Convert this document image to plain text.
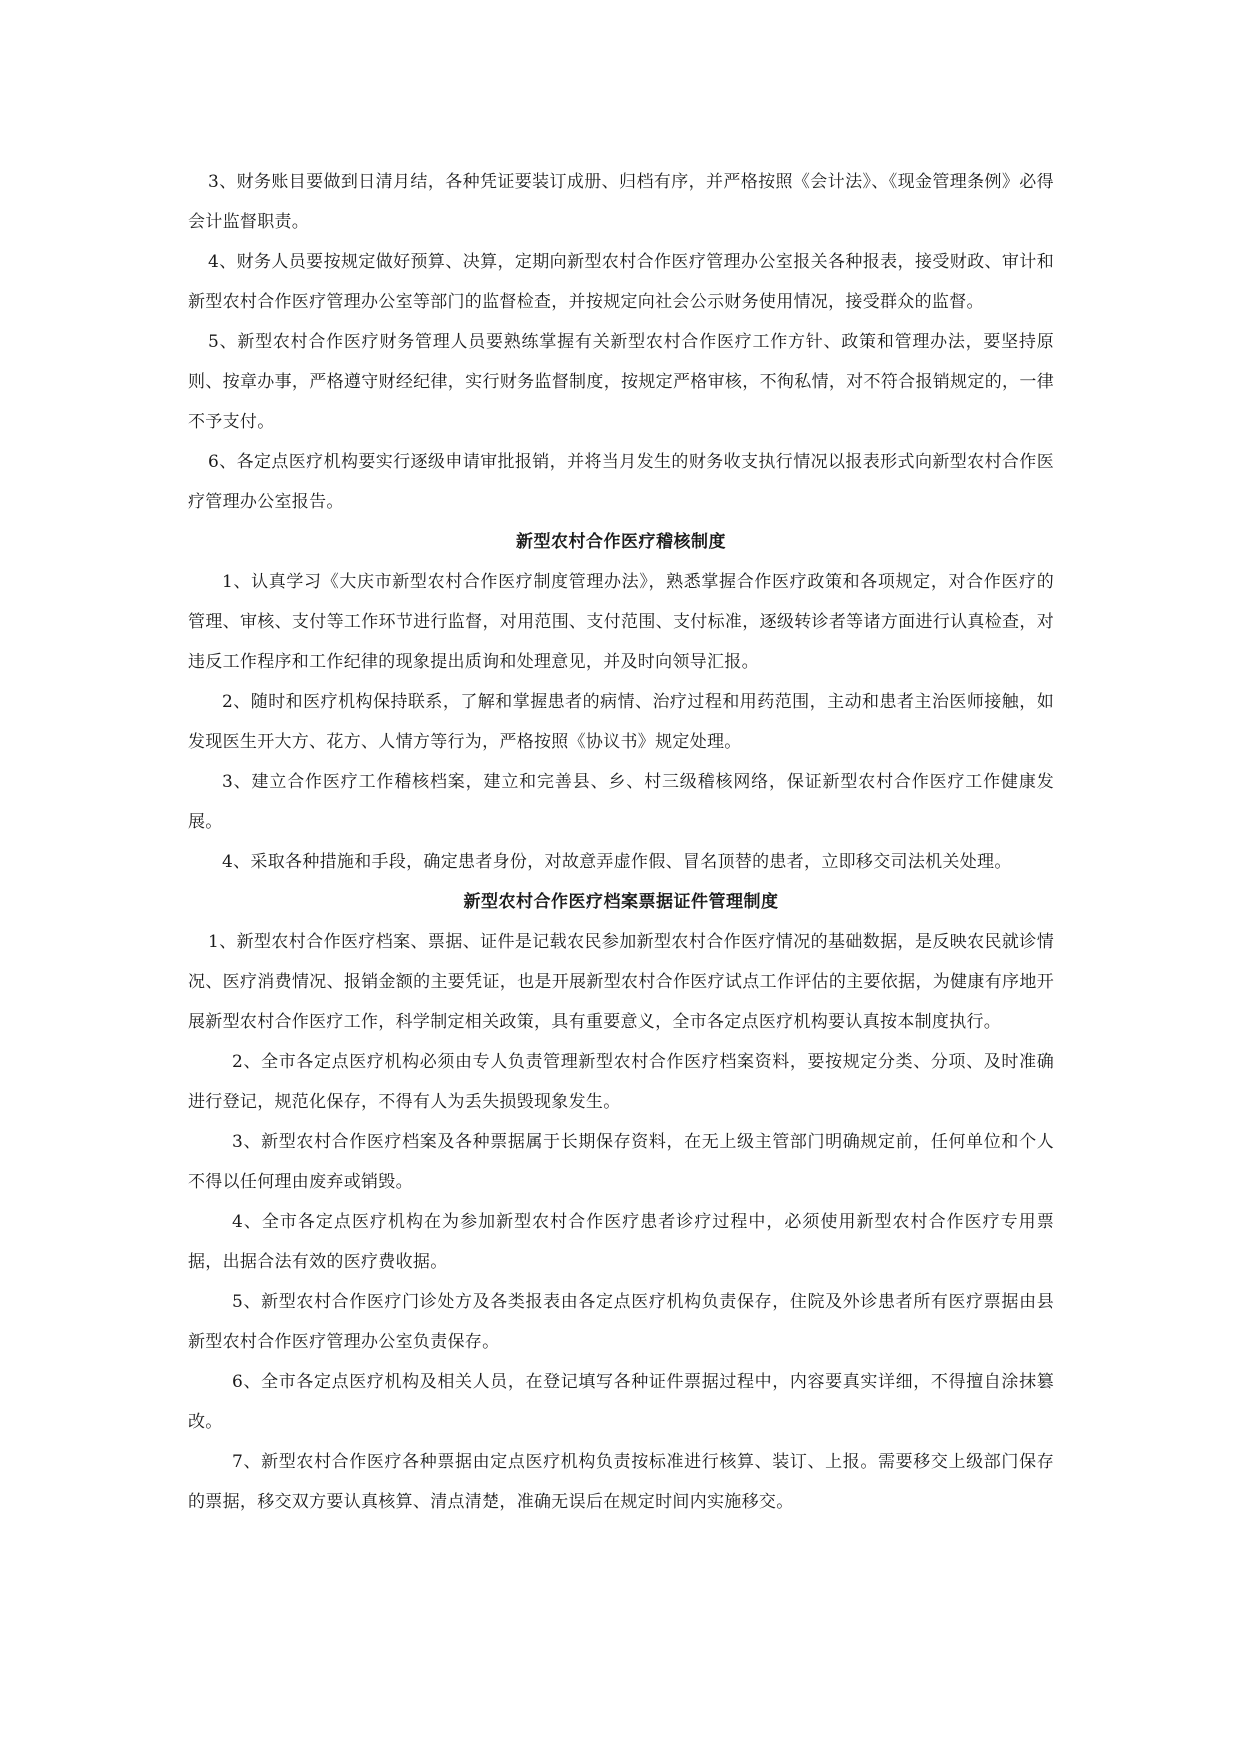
3、财务账目要做到日清月结，各种凭证要装订成册、归档有序，并严格按照《会计法》、《现金管理条例》必得会计监督职责。

4、财务人员要按规定做好预算、决算，定期向新型农村合作医疗管理办公室报关各种报表，接受财政、审计和新型农村合作医疗管理办公室等部门的监督检查，并按规定向社会公示财务使用情况，接受群众的监督。

5、新型农村合作医疗财务管理人员要熟练掌握有关新型农村合作医疗工作方针、政策和管理办法，要坚持原则、按章办事，严格遵守财经纪律，实行财务监督制度，按规定严格审核，不徇私情，对不符合报销规定的，一律不予支付。

6、各定点医疗机构要实行逐级申请审批报销，并将当月发生的财务收支执行情况以报表形式向新型农村合作医疗管理办公室报告。

新型农村合作医疗稽核制度

1、认真学习《大庆市新型农村合作医疗制度管理办法》，熟悉掌握合作医疗政策和各项规定，对合作医疗的管理、审核、支付等工作环节进行监督，对用范围、支付范围、支付标准，逐级转诊者等诸方面进行认真检查，对违反工作程序和工作纪律的现象提出质询和处理意见，并及时向领导汇报。

2、随时和医疗机构保持联系，了解和掌握患者的病情、治疗过程和用药范围，主动和患者主治医师接触，如发现医生开大方、花方、人情方等行为，严格按照《协议书》规定处理。

3、建立合作医疗工作稽核档案，建立和完善县、乡、村三级稽核网络，保证新型农村合作医疗工作健康发展。

4、采取各种措施和手段，确定患者身份，对故意弄虚作假、冒名顶替的患者，立即移交司法机关处理。

新型农村合作医疗档案票据证件管理制度

1、新型农村合作医疗档案、票据、证件是记载农民参加新型农村合作医疗情况的基础数据，是反映农民就诊情况、医疗消费情况、报销金额的主要凭证，也是开展新型农村合作医疗试点工作评估的主要依据，为健康有序地开展新型农村合作医疗工作，科学制定相关政策，具有重要意义，全市各定点医疗机构要认真按本制度执行。

2、全市各定点医疗机构必须由专人负责管理新型农村合作医疗档案资料，要按规定分类、分项、及时准确进行登记，规范化保存，不得有人为丢失损毁现象发生。

3、新型农村合作医疗档案及各种票据属于长期保存资料，在无上级主管部门明确规定前，任何单位和个人不得以任何理由废弃或销毁。

4、全市各定点医疗机构在为参加新型农村合作医疗患者诊疗过程中，必须使用新型农村合作医疗专用票据，出据合法有效的医疗费收据。

5、新型农村合作医疗门诊处方及各类报表由各定点医疗机构负责保存，住院及外诊患者所有医疗票据由县新型农村合作医疗管理办公室负责保存。

6、全市各定点医疗机构及相关人员，在登记填写各种证件票据过程中，内容要真实详细，不得擅自涂抹篡改。

7、新型农村合作医疗各种票据由定点医疗机构负责按标准进行核算、装订、上报。需要移交上级部门保存的票据，移交双方要认真核算、清点清楚，准确无误后在规定时间内实施移交。
